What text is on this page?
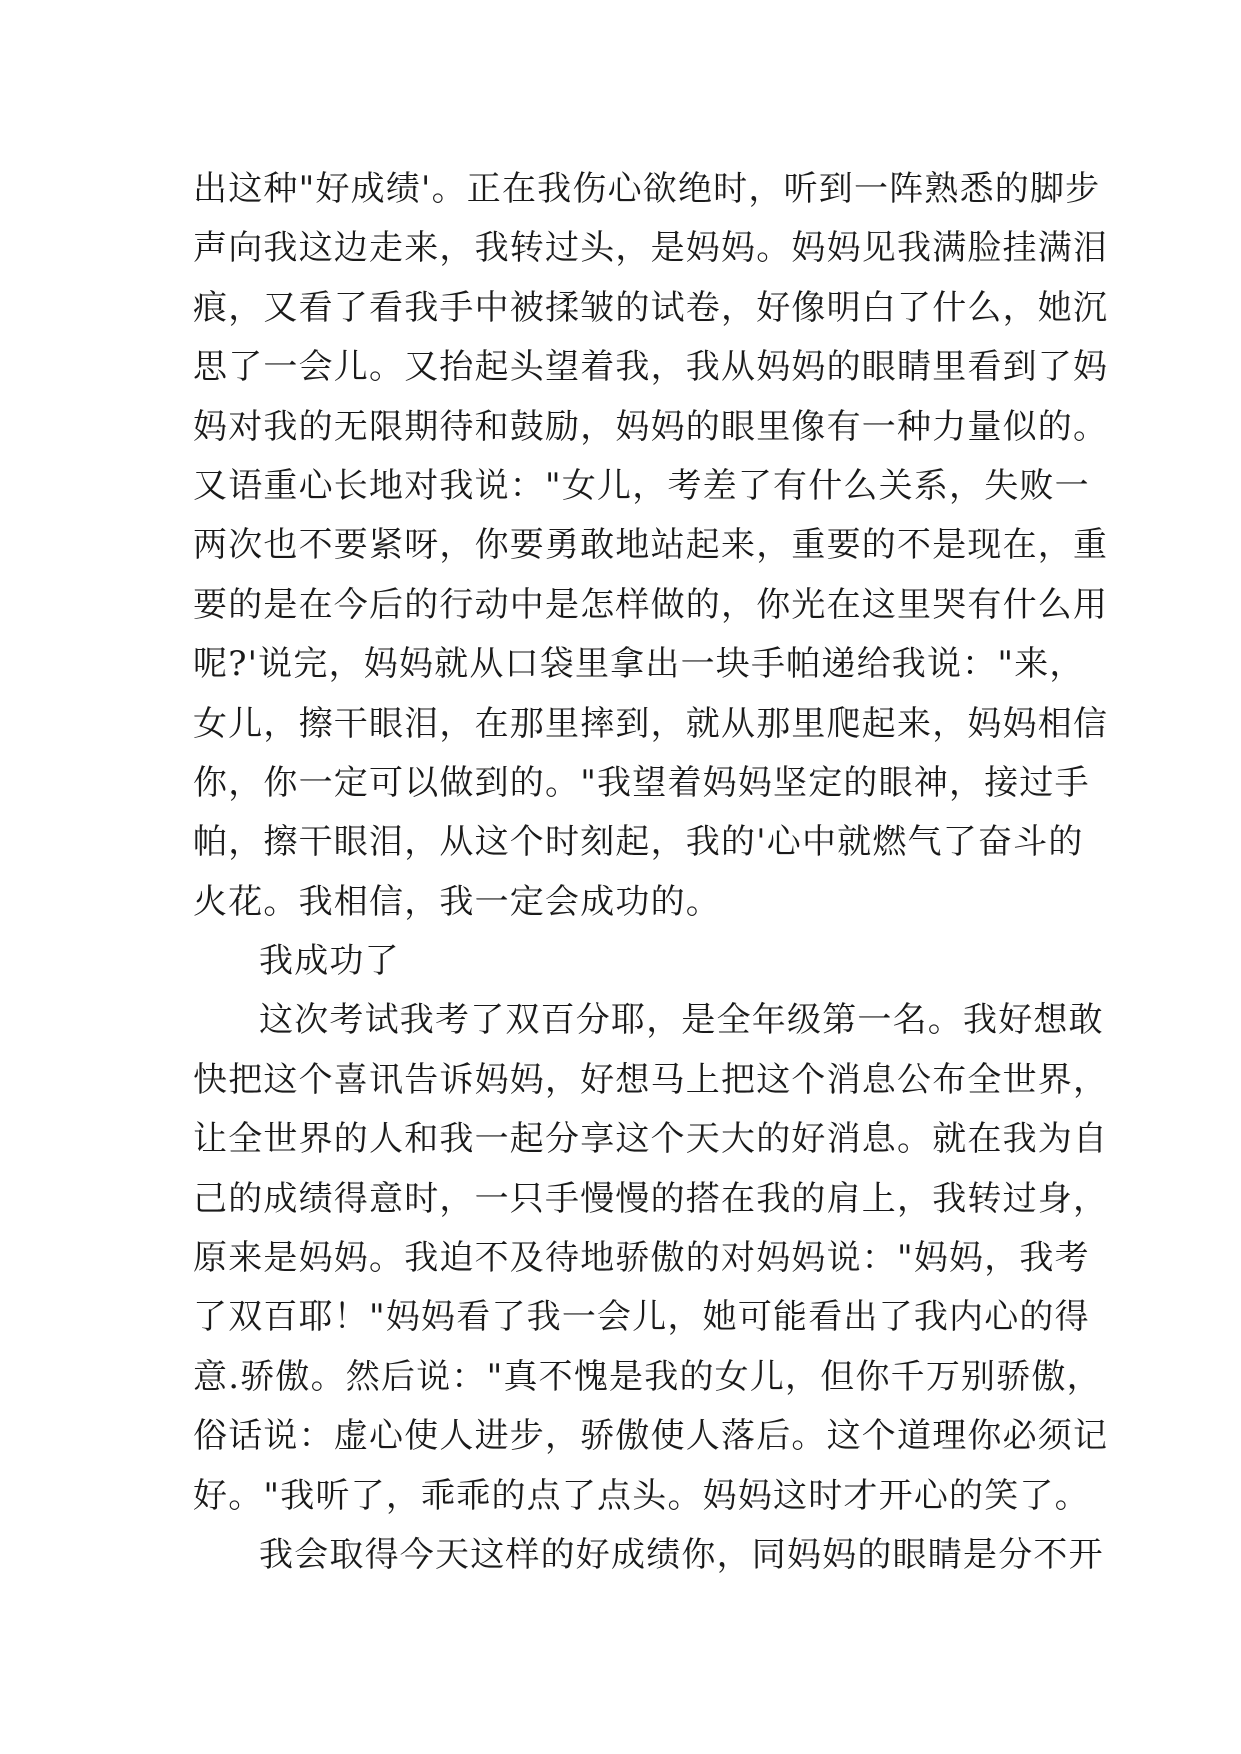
出这种"好成绩'。正在我伤心欲绝时，听到一阵熟悉的脚步
声向我这边走来，我转过头，是妈妈。妈妈见我满脸挂满泪
痕，又看了看我手中被揉皱的试卷，好像明白了什么，她沉
思了一会儿。又抬起头望着我，我从妈妈的眼睛里看到了妈
妈对我的无限期待和鼓励，妈妈的眼里像有一种力量似的。
又语重心长地对我说："女儿，考差了有什么关系，失败一
两次也不要紧呀，你要勇敢地站起来，重要的不是现在，重
要的是在今后的行动中是怎样做的，你光在这里哭有什么用
呢?'说完，妈妈就从口袋里拿出一块手帕递给我说："来，
女儿，擦干眼泪，在那里摔到，就从那里爬起来，妈妈相信
你，你一定可以做到的。"我望着妈妈坚定的眼神，接过手
帕，擦干眼泪，从这个时刻起，我的'心中就燃气了奋斗的
火花。我相信，我一定会成功的。
我成功了
这次考试我考了双百分耶，是全年级第一名。我好想敢
快把这个喜讯告诉妈妈，好想马上把这个消息公布全世界，
让全世界的人和我一起分享这个天大的好消息。就在我为自
己的成绩得意时，一只手慢慢的搭在我的肩上，我转过身，
原来是妈妈。我迫不及待地骄傲的对妈妈说："妈妈，我考
了双百耶！"妈妈看了我一会儿，她可能看出了我内心的得
意.骄傲。然后说："真不愧是我的女儿，但你千万别骄傲，
俗话说：虚心使人进步，骄傲使人落后。这个道理你必须记
好。"我听了，乖乖的点了点头。妈妈这时才开心的笑了。
我会取得今天这样的好成绩你，同妈妈的眼睛是分不开
